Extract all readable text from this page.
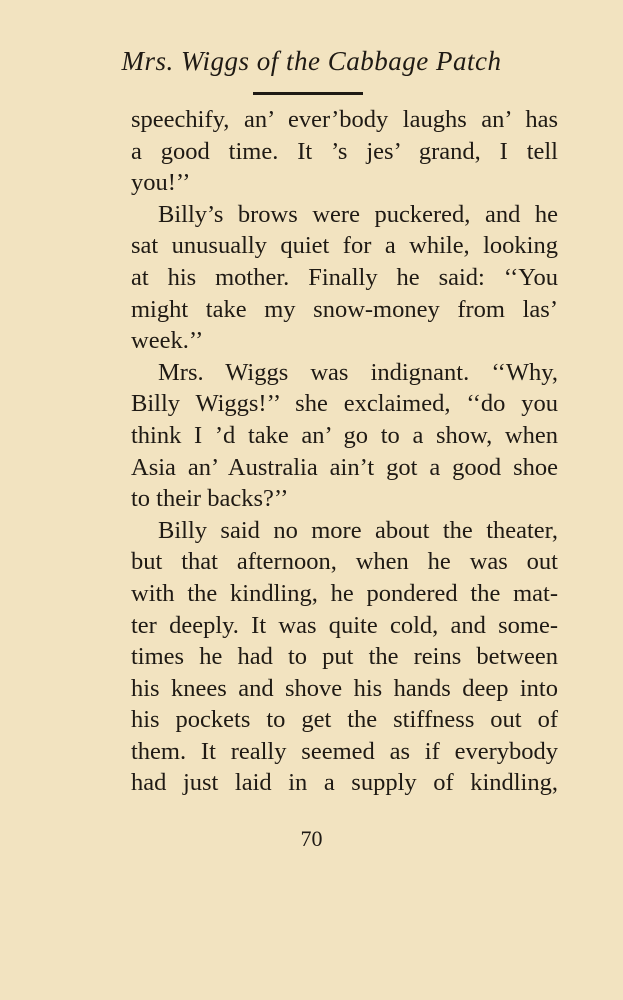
Mrs. Wiggs of the Cabbage Patch
speechify, an’ ever’body laughs an’ has
a good time. It ’s jes’ grand, I tell
you!’’
Billy’s brows were puckered, and he
sat unusually quiet for a while, looking
at his mother. Finally he said: ‘‘You
might take my snow-money from las’
week.’’
Mrs. Wiggs was indignant. ‘‘Why,
Billy Wiggs!’’ she exclaimed, ‘‘do you
think I ’d take an’ go to a show, when
Asia an’ Australia ain’t got a good shoe
to their backs?’’
Billy said no more about the theater,
but that afternoon, when he was out
with the kindling, he pondered the mat-
ter deeply. It was quite cold, and some-
times he had to put the reins between
his knees and shove his hands deep into
his pockets to get the stiffness out of
them. It really seemed as if everybody
had just laid in a supply of kindling,
70
